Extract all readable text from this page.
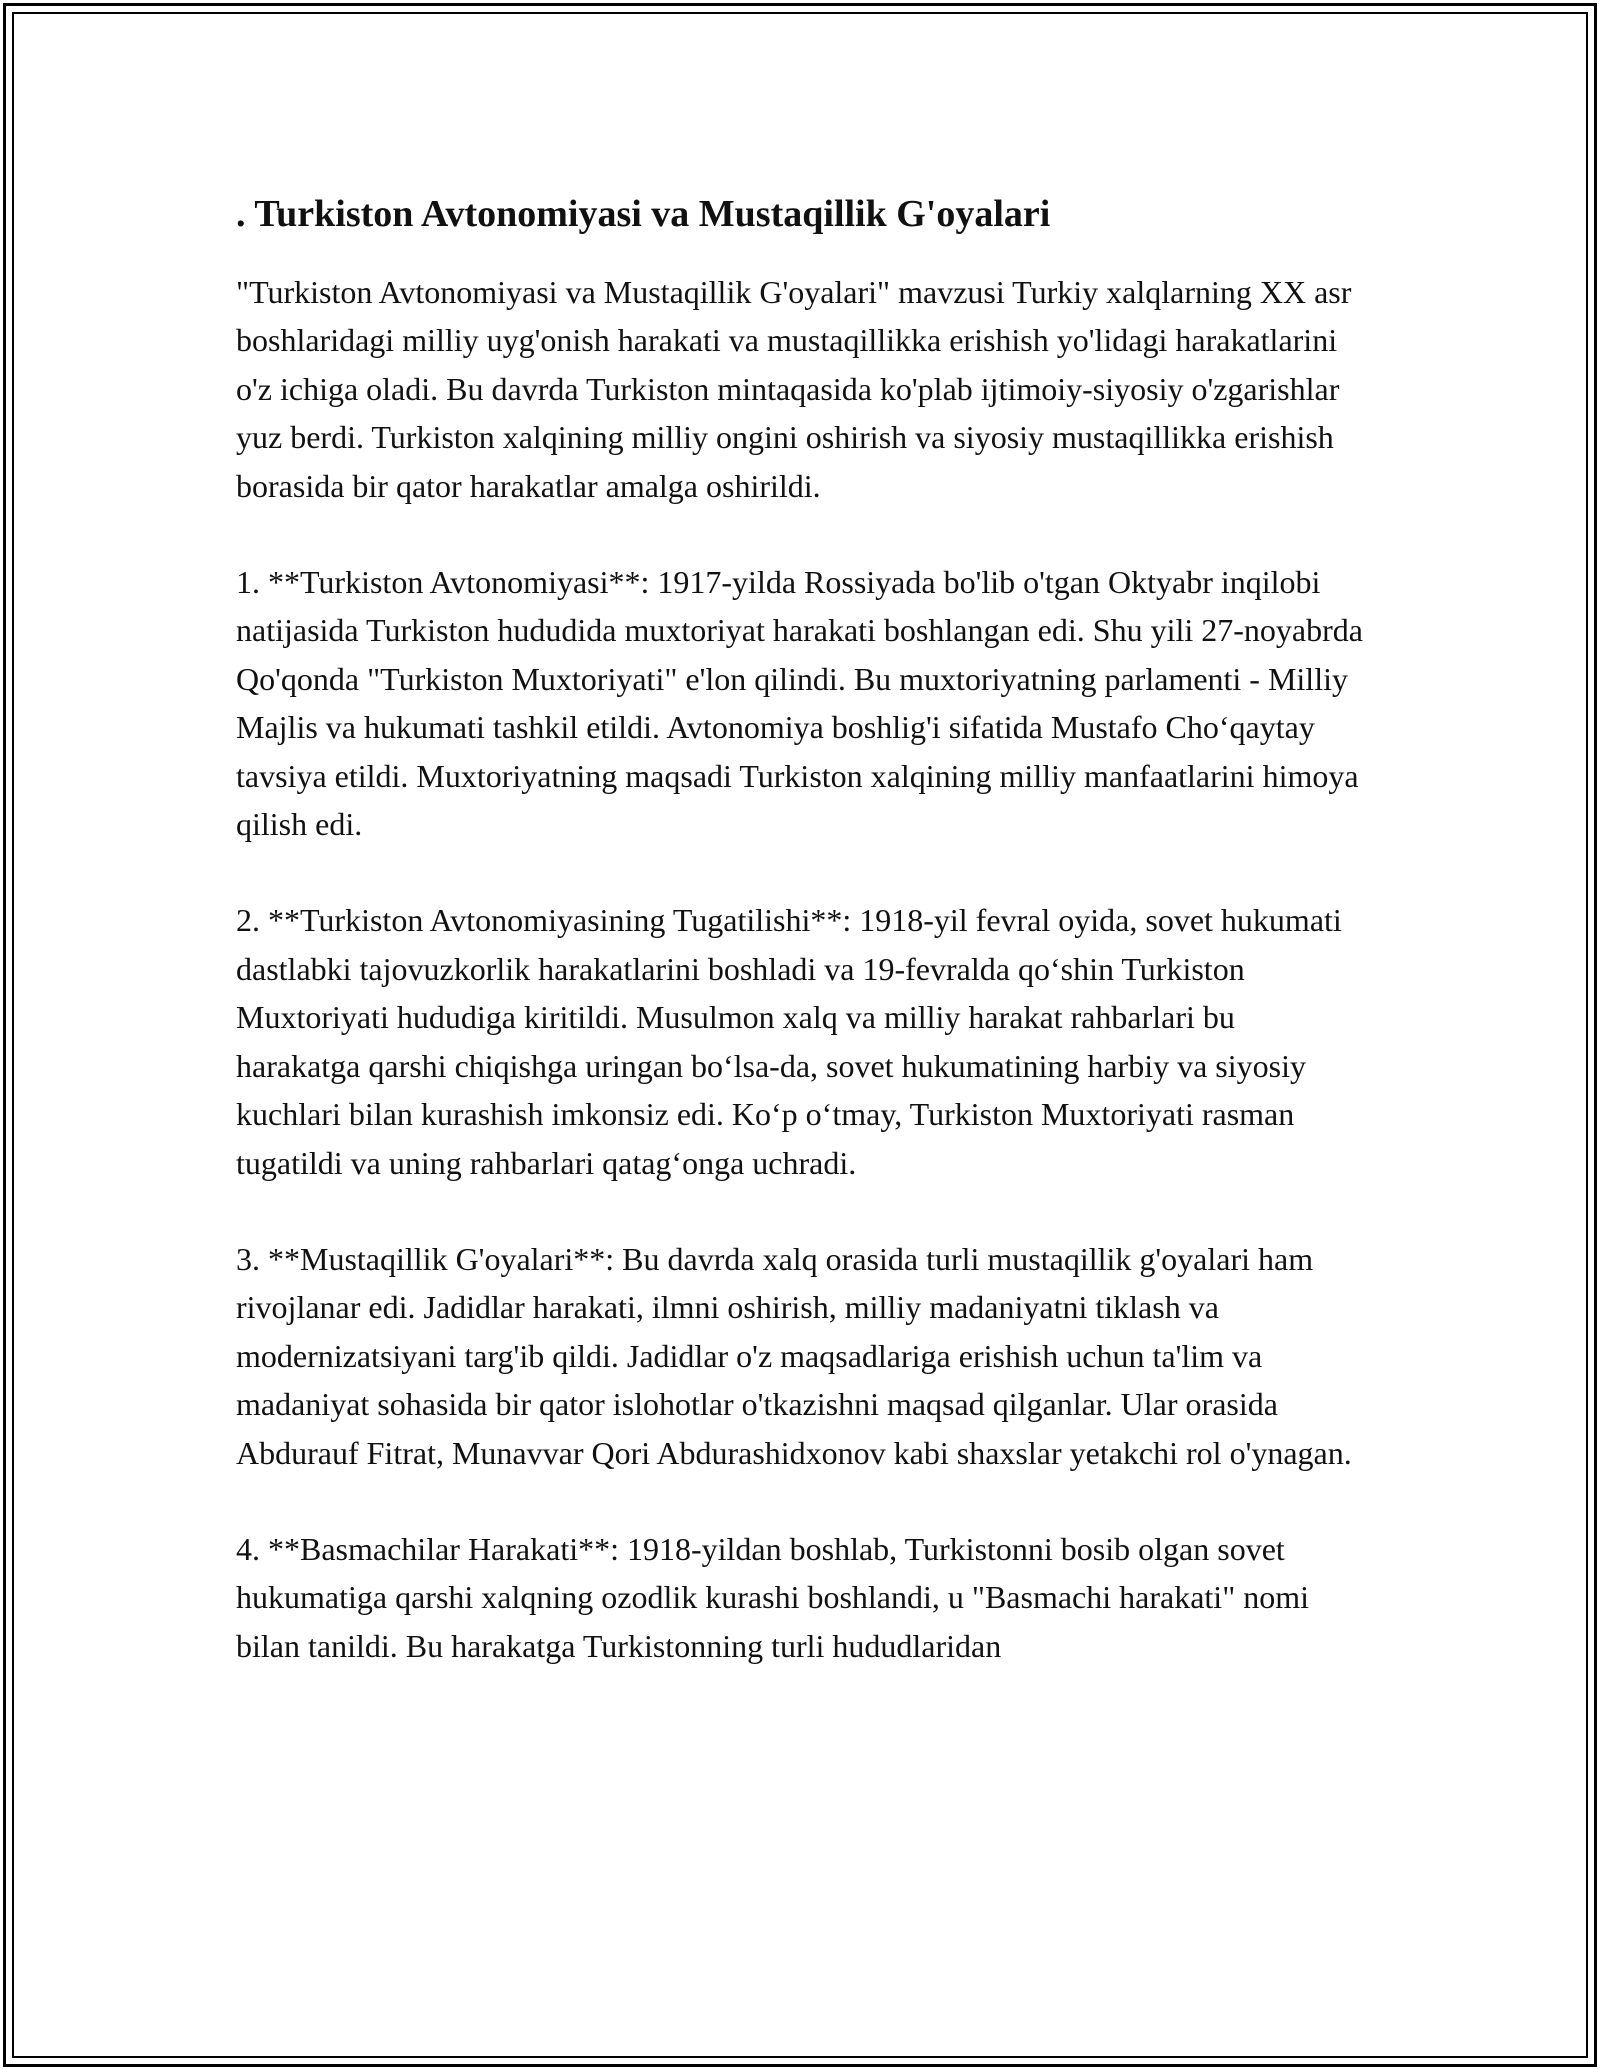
. Turkiston Avtonomiyasi va Mustaqillik G'oyalari

"Turkiston Avtonomiyasi va Mustaqillik G'oyalari" mavzusi Turkiy xalqlarning XX asr boshlaridagi milliy uyg'onish harakati va mustaqillikka erishish yo'lidagi harakatlarini o'z ichiga oladi. Bu davrda Turkiston mintaqasida ko'plab ijtimoiy-siyosiy o'zgarishlar yuz berdi. Turkiston xalqining milliy ongini oshirish va siyosiy mustaqillikka erishish borasida bir qator harakatlar amalga oshirildi.

1. **Turkiston Avtonomiyasi**: 1917-yilda Rossiyada bo'lib o'tgan Oktyabr inqilobi natijasida Turkiston hududida muxtoriyat harakati boshlangan edi. Shu yili 27-noyabrda Qo'qonda "Turkiston Muxtoriyati" e'lon qilindi. Bu muxtoriyatning parlamenti - Milliy Majlis va hukumati tashkil etildi. Avtonomiya boshlig'i sifatida Mustafo Cho‘qaytay tavsiya etildi. Muxtoriyatning maqsadi Turkiston xalqining milliy manfaatlarini himoya qilish edi.

2. **Turkiston Avtonomiyasining Tugatilishi**: 1918-yil fevral oyida, sovet hukumati dastlabki tajovuzkorlik harakatlarini boshladi va 19-fevralda qo‘shin Turkiston Muxtoriyati hududiga kiritildi. Musulmon xalq va milliy harakat rahbarlari bu harakatga qarshi chiqishga uringan bo‘lsa-da, sovet hukumatining harbiy va siyosiy kuchlari bilan kurashish imkonsiz edi. Ko‘p o‘tmay, Turkiston Muxtoriyati rasman tugatildi va uning rahbarlari qatag‘onga uchradi.

3. **Mustaqillik G'oyalari**: Bu davrda xalq orasida turli mustaqillik g'oyalari ham rivojlanar edi. Jadidlar harakati, ilmni oshirish, milliy madaniyatni tiklash va modernizatsiyani targ'ib qildi. Jadidlar o'z maqsadlariga erishish uchun ta'lim va madaniyat sohasida bir qator islohotlar o'tkazishni maqsad qilganlar. Ular orasida Abdurauf Fitrat, Munavvar Qori Abdurashidxonov kabi shaxslar yetakchi rol o'ynagan.

4. **Basmachilar Harakati**: 1918-yildan boshlab, Turkistonni bosib olgan sovet hukumatiga qarshi xalqning ozodlik kurashi boshlandi, u "Basmachi harakati" nomi bilan tanildi. Bu harakatga Turkistonning turli hududlaridan
